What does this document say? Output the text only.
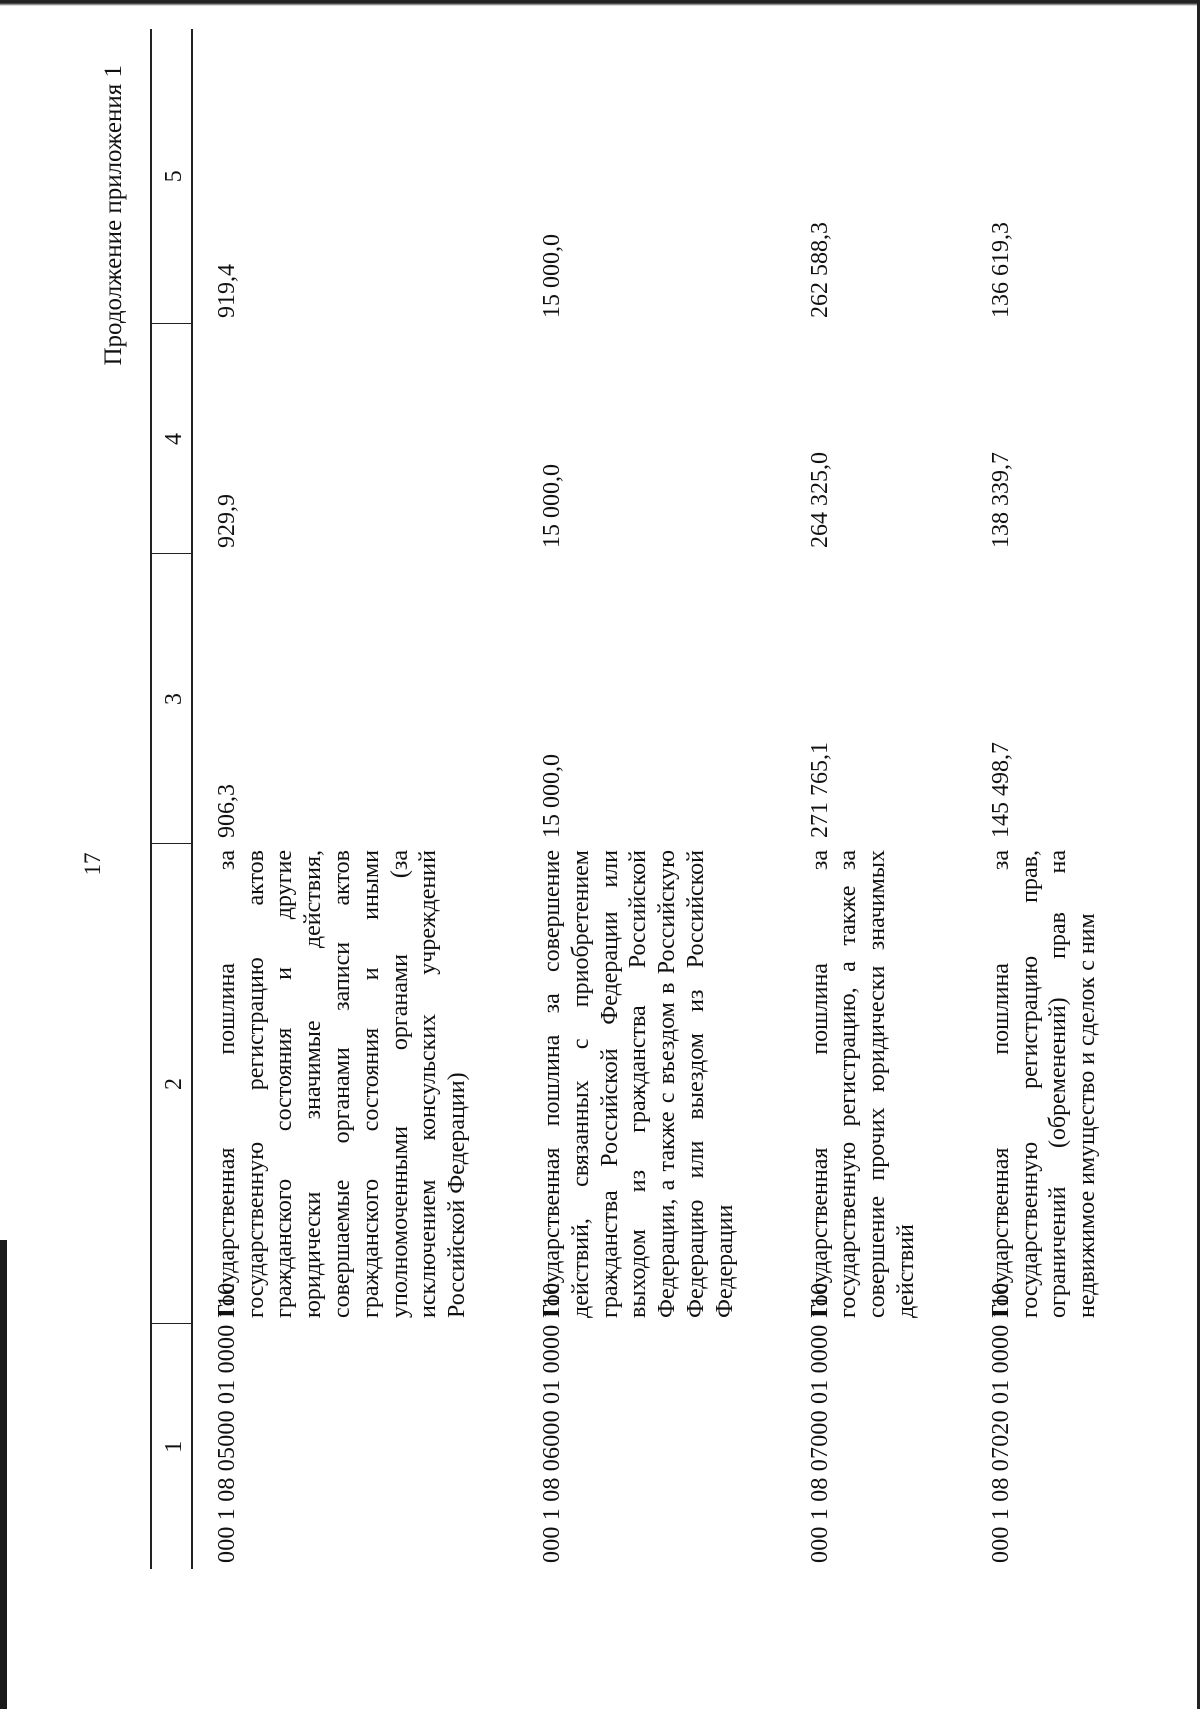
17
Продолжение приложения 1
1	2	3	4	5
000 1 08 05000 01 0000 110	Государственная пошлина за государственную регистрацию актов гражданского состояния и другие юридически значимые действия, совершаемые органами записи актов гражданского состояния и иными уполномоченными органами (за исключением консульских учреждений Российской Федерации)	906,3	929,9	919,4
000 1 08 06000 01 0000 110	Государственная пошлина за совершение действий, связанных с приобретением гражданства Российской Федерации или выходом из гражданства Российской Федерации, а также с въездом в Российскую Федерацию или выездом из Российской Федерации	15 000,0	15 000,0	15 000,0
000 1 08 07000 01 0000 110	Государственная пошлина за государственную регистрацию, а также за совершение прочих юридически значимых действий	271 765,1	264 325,0	262 588,3
000 1 08 07020 01 0000 110	Государственная пошлина за государственную регистрацию прав, ограничений (обременений) прав на недвижимое имущество и сделок с ним	145 498,7	138 339,7	136 619,3
